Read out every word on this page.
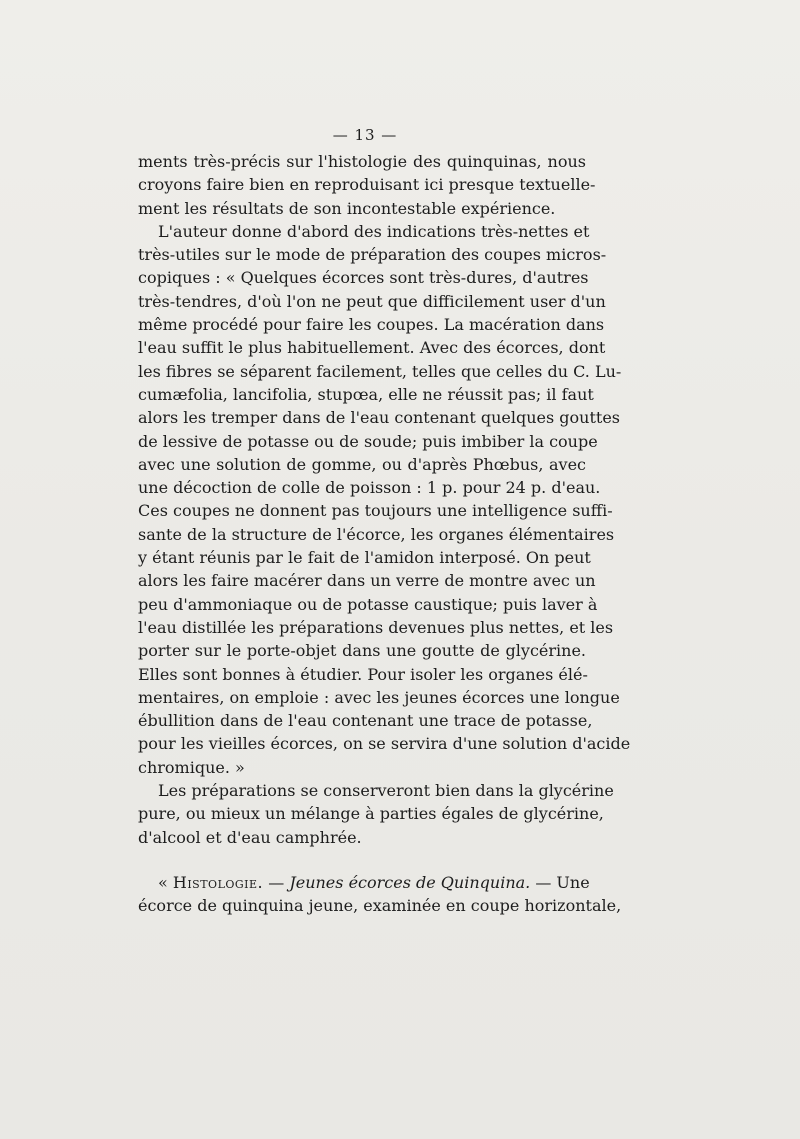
— 13 —
ments très-précis sur l'histologie des quinquinas, nous
croyons faire bien en reproduisant ici presque textuelle-
ment les résultats de son incontestable expérience.
L'auteur donne d'abord des indications très-nettes et
très-utiles sur le mode de préparation des coupes micros-
copiques : « Quelques écorces sont très-dures, d'autres
très-tendres, d'où l'on ne peut que difficilement user d'un
même procédé pour faire les coupes. La macération dans
l'eau suffit le plus habituellement. Avec des écorces, dont
les fibres se séparent facilement, telles que celles du C. Lu-
cumæfolia, lancifolia, stupœa, elle ne réussit pas; il faut
alors les tremper dans de l'eau contenant quelques gouttes
de lessive de potasse ou de soude; puis imbiber la coupe
avec une solution de gomme, ou d'après Phœbus, avec
une décoction de colle de poisson : 1 p. pour 24 p. d'eau.
Ces coupes ne donnent pas toujours une intelligence suffi-
sante de la structure de l'écorce, les organes élémentaires
y étant réunis par le fait de l'amidon interposé. On peut
alors les faire macérer dans un verre de montre avec un
peu d'ammoniaque ou de potasse caustique; puis laver à
l'eau distillée les préparations devenues plus nettes, et les
porter sur le porte-objet dans une goutte de glycérine.
Elles sont bonnes à étudier. Pour isoler les organes élé-
mentaires, on emploie : avec les jeunes écorces une longue
ébullition dans de l'eau contenant une trace de potasse,
pour les vieilles écorces, on se servira d'une solution d'acide
chromique. »
Les préparations se conserveront bien dans la glycérine
pure, ou mieux un mélange à parties égales de glycérine,
d'alcool et d'eau camphrée.
« Histologie. — Jeunes écorces de Quinquina. — Une
écorce de quinquina jeune, examinée en coupe horizontale,
